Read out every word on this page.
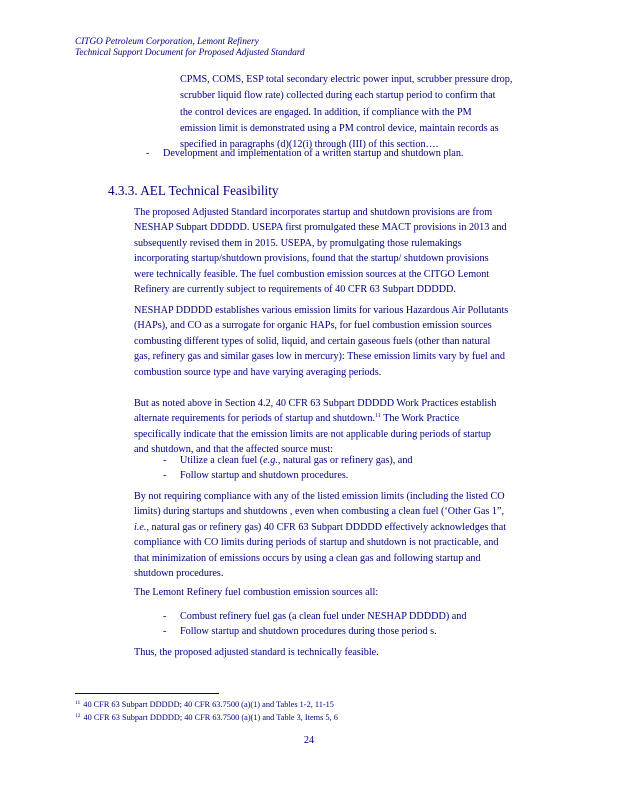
CITGO Petroleum Corporation, Lemont Refinery
Technical Support Document for Proposed Adjusted Standard
CPMS, COMS, ESP total secondary electric power input, scrubber pressure drop,
scrubber liquid flow rate) collected during each startup period to confirm that
the control devices are engaged. In addition, if compliance with the PM
emission limit is demonstrated using a PM control device, maintain records as
specified in paragraphs (d)(12(i) through (III) of this section….
- Development and implementation of a written startup and shutdown plan.
4.3.3. AEL Technical Feasibility
The proposed Adjusted Standard incorporates startup and shutdown provisions are from
NESHAP Subpart DDDDD. USEPA first promulgated these MACT provisions in 2013 and
subsequently revised them in 2015. USEPA, by promulgating those rulemakings
incorporating startup/shutdown provisions, found that the startup/ shutdown provisions
were technically feasible. The fuel combustion emission sources at the CITGO Lemont
Refinery are currently subject to requirements of 40 CFR 63 Subpart DDDDD.
NESHAP DDDDD establishes various emission limits for various Hazardous Air Pollutants
(HAPs), and CO as a surrogate for organic HAPs, for fuel combustion emission sources
combusting different types of solid, liquid, and certain gaseous fuels (other than natural
gas, refinery gas and similar gases low in mercury): These emission limits vary by fuel and
combustion source type and have varying averaging periods.
But as noted above in Section 4.2, 40 CFR 63 Subpart DDDDD Work Practices establish
alternate requirements for periods of startup and shutdown.$^{11}$ The Work Practice
specifically indicate that the emission limits are not applicable during periods of startup
and shutdown, and that the affected source must:
- Utilize a clean fuel (e.g., natural gas or refinery gas), and
- Follow startup and shutdown procedures.
By not requiring compliance with any of the listed emission limits (including the listed CO
limits) during startups and shutdowns , even when combusting a clean fuel (‘Other Gas 1”,
i.e., natural gas or refinery gas) 40 CFR 63 Subpart DDDDD effectively acknowledges that
compliance with CO limits during periods of startup and shutdown is not practicable, and
that minimization of emissions occurs by using a clean gas and following startup and
shutdown procedures.
The Lemont Refinery fuel combustion emission sources all:
- Combust refinery fuel gas (a clean fuel under NESHAP DDDDD) and
- Follow startup and shutdown procedures during those period s.
Thus, the proposed adjusted standard is technically feasible.
$^{11}$ 40 CFR 63 Subpart DDDDD; 40 CFR 63.7500 (a)(1) and Tables 1-2, 11-15
$^{12}$ 40 CFR 63 Subpart DDDDD; 40 CFR 63.7500 (a)(1) and Table 3, Items 5, 6
24
